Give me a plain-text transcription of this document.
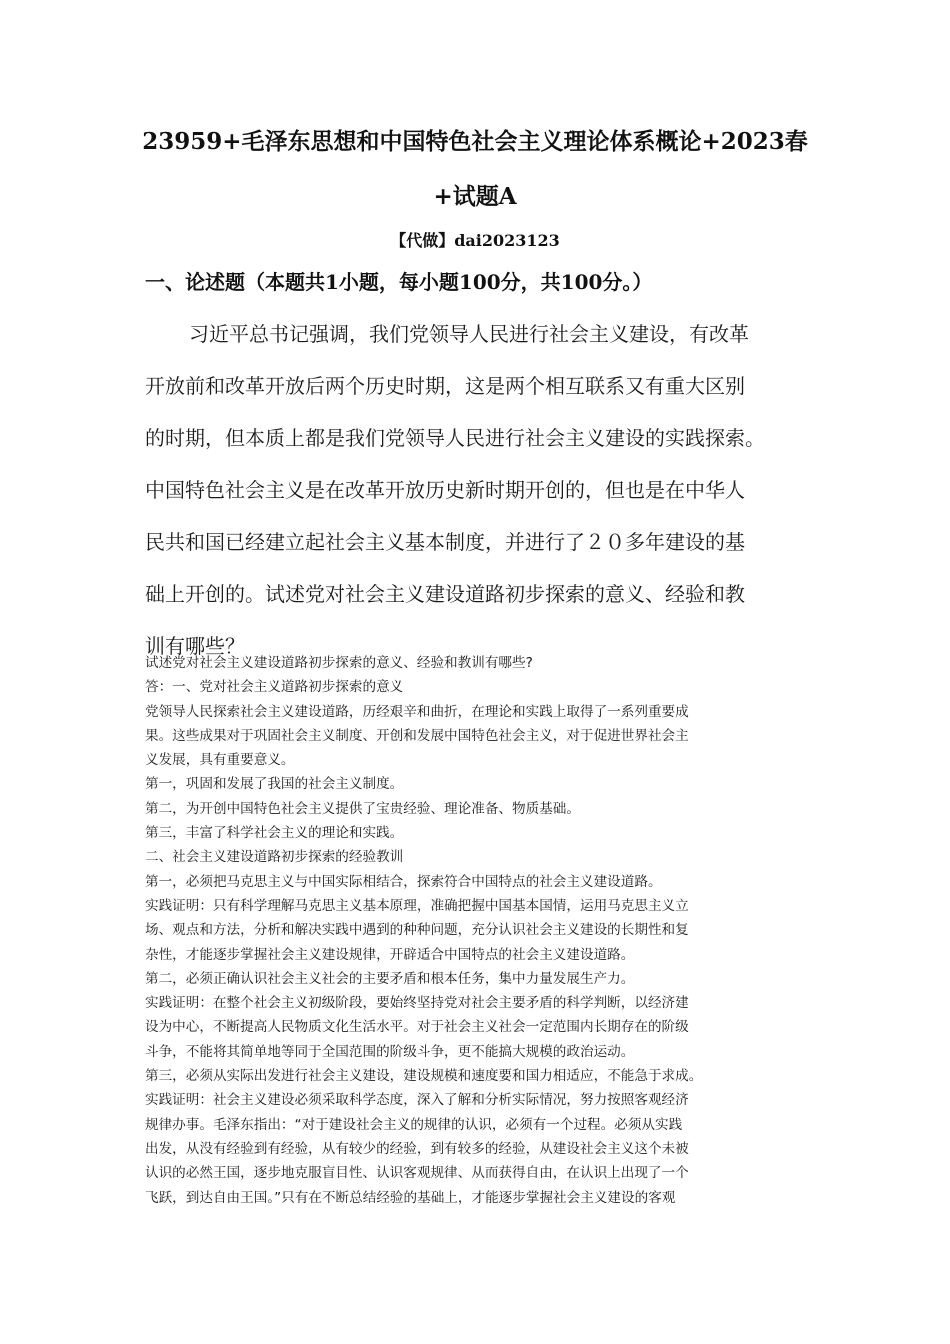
23959+毛泽东思想和中国特色社会主义理论体系概论+2023春
+试题A
【代做】dai2023123
一、论述题（本题共1小题，每小题100分，共100分。）
习近平总书记强调，我们党领导人民进行社会主义建设，有改革
开放前和改革开放后两个历史时期，这是两个相互联系又有重大区别
的时期，但本质上都是我们党领导人民进行社会主义建设的实践探索。
中国特色社会主义是在改革开放历史新时期开创的，但也是在中华人
民共和国已经建立起社会主义基本制度，并进行了２０多年建设的基
础上开创的。试述党对社会主义建设道路初步探索的意义、经验和教
训有哪些？
试述党对社会主义建设道路初步探索的意义、经验和教训有哪些?
答：一、党对社会主义道路初步探索的意义
党领导人民探索社会主义建设道路，历经艰辛和曲折，在理论和实践上取得了一系列重要成
果。这些成果对于巩固社会主义制度、开创和发展中国特色社会主义，对于促进世界社会主
义发展，具有重要意义。
第一，巩固和发展了我国的社会主义制度。
第二，为开创中国特色社会主义提供了宝贵经验、理论准备、物质基础。
第三，丰富了科学社会主义的理论和实践。
二、社会主义建设道路初步探索的经验教训
第一，必须把马克思主义与中国实际相结合，探索符合中国特点的社会主义建设道路。
实践证明：只有科学理解马克思主义基本原理，准确把握中国基本国情，运用马克思主义立
场、观点和方法，分析和解决实践中遇到的种种问题，充分认识社会主义建设的长期性和复
杂性，才能逐步掌握社会主义建设规律，开辟适合中国特点的社会主义建设道路。
第二，必须正确认识社会主义社会的主要矛盾和根本任务，集中力量发展生产力。
实践证明：在整个社会主义初级阶段，要始终坚持党对社会主要矛盾的科学判断，以经济建
设为中心，不断提高人民物质文化生活水平。对于社会主义社会一定范围内长期存在的阶级
斗争，不能将其简单地等同于全国范围的阶级斗争，更不能搞大规模的政治运动。
第三，必须从实际出发进行社会主义建设，建设规模和速度要和国力相适应，不能急于求成。
实践证明：社会主义建设必须采取科学态度，深入了解和分析实际情况，努力按照客观经济
规律办事。毛泽东指出：“对于建设社会主义的规律的认识，必须有一个过程。必须从实践
出发，从没有经验到有经验，从有较少的经验，到有较多的经验，从建设社会主义这个未被
认识的必然王国，逐步地克服盲目性、认识客观规律、从而获得自由，在认识上出现了一个
飞跃，到达自由王国。”只有在不断总结经验的基础上，才能逐步掌握社会主义建设的客观
